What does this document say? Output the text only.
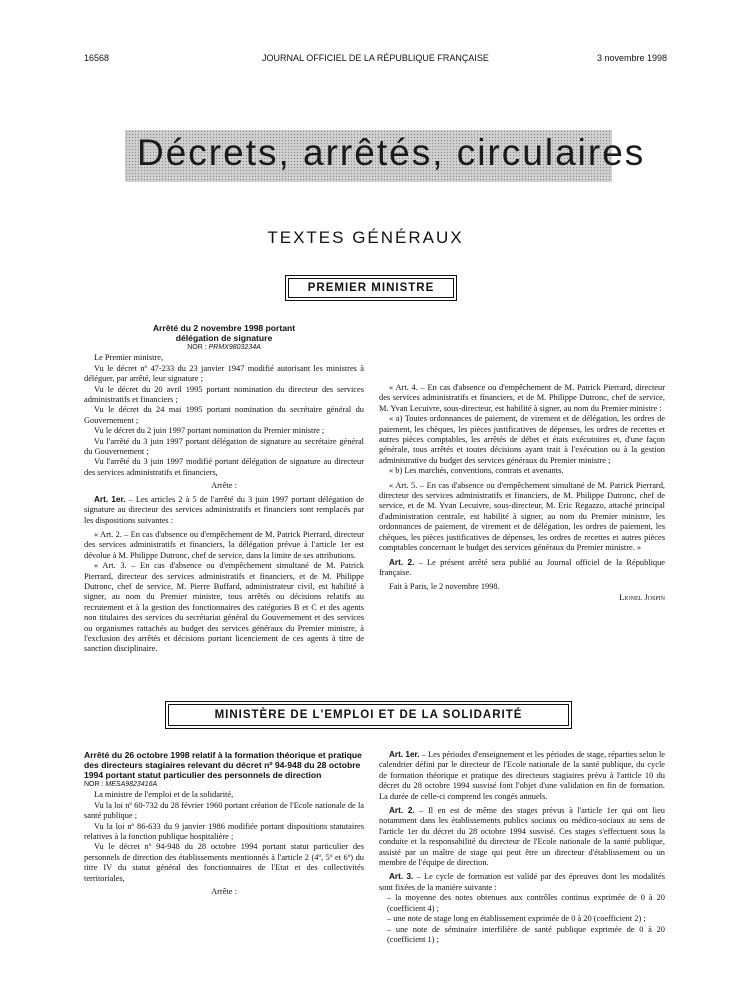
16568	JOURNAL OFFICIEL DE LA RÉPUBLIQUE FRANÇAISE	3 novembre 1998
Décrets, arrêtés, circulaires
TEXTES GÉNÉRAUX
PREMIER MINISTRE

Arrêté du 2 novembre 1998 portant délégation de signature

NOR : PRMX9803234A

Le Premier ministre,

Vu le décret nº 47-233 du 23 janvier 1947 modifié autorisant les ministres à déléguer, par arrêté, leur signature ;

Vu le décret du 20 avril 1995 portant nomination du directeur des services administratifs et financiers ;

Vu le décret du 24 mai 1995 portant nomination du secrétaire général du Gouvernement ;

Vu le décret du 2 juin 1997 portant nomination du Premier ministre ;

Vu l'arrêté du 3 juin 1997 portant délégation de signature au secrétaire général du Gouvernement ;

Vu l'arrêté du 3 juin 1997 modifié portant délégation de signature au directeur des services administratifs et financiers,

Arrête :

Art. 1er. – Les articles 2 à 5 de l'arrêté du 3 juin 1997 portant délégation de signature au directeur des services administratifs et financiers sont remplacés par les dispositions suivantes :

« Art. 2. – En cas d'absence ou d'empêchement de M. Patrick Pierrard, directeur des services administratifs et financiers, la délégation prévue à l'article 1er est dévolue à M. Philippe Dutronc, chef de service, dans la limite de ses attributions.

« Art. 3. – En cas d'absence ou d'empêchement simultané de M. Patrick Pierrard, directeur des services administratifs et financiers, et de M. Philippe Dutronc, chef de service, M. Pierre Buffard, administrateur civil, est habilité à signer, au nom du Premier ministre, tous arrêtés ou décisions relatifs au recrutement et à la gestion des fonctionnaires des catégories B et C et des agents non titulaires des services du secrétariat général du Gouvernement et des services ou organismes rattachés au budget des services généraux du Premier ministre, à l'exclusion des arrêtés et décisions portant licenciement de ces agents à titre de sanction disciplinaire.

« Art. 4. – En cas d'absence ou d'empêchement de M. Patrick Pierrard, directeur des services administratifs et financiers, et de M. Philippe Dutronc, chef de service, M. Yvan Lecuivre, sous-directeur, est habilité à signer, au nom du Premier ministre :

« a) Toutes ordonnances de paiement, de virement et de délégation, les ordres de paiement, les chèques, les pièces justificatives de dépenses, les ordres de recettes et autres pièces comptables, les arrêtés de débet et états exécutoires et, d'une façon générale, tous arrêtés et toutes décisions ayant trait à l'exécution ou à la gestion administrative du budget des services généraux du Premier ministre ;

« b) Les marchés, conventions, contrats et avenants.

« Art. 5. – En cas d'absence ou d'empêchement simultané de M. Patrick Pierrard, directeur des services administratifs et financiers, de M. Philippe Dutronc, chef de service, et de M. Yvan Lecuivre, sous-directeur, M. Eric Regazzo, attaché principal d'administration centrale, est habilité à signer, au nom du Premier ministre, les ordonnances de paiement, de virement et de délégation, les ordres de paiement, les chèques, les pièces justificatives de dépenses, les ordres de recettes et autres pièces comptables concernant le budget des services généraux du Premier ministre. »

Art. 2. – Le présent arrêté sera publié au Journal officiel de la République française.

Fait à Paris, le 2 novembre 1998.

Lionel Jospin

MINISTÈRE DE L'EMPLOI ET DE LA SOLIDARITÉ

Arrêté du 26 octobre 1998 relatif à la formation théorique et pratique des directeurs stagiaires relevant du décret nº 94-948 du 28 octobre 1994 portant statut particulier des personnels de direction

NOR : MESA9823416A

La ministre de l'emploi et de la solidarité,

Vu la loi nº 60-732 du 28 février 1960 portant création de l'Ecole nationale de la santé publique ;

Vu la loi nº 86-633 du 9 janvier 1986 modifiée portant dispositions statutaires relatives à la fonction publique hospitalière ;

Vu le décret nº 94-948 du 28 octobre 1994 portant statut particulier des personnels de direction des établissements mentionnés à l'article 2 (4º, 5º et 6º) du titre IV du statut général des fonctionnaires de l'Etat et des collectivités territoriales,

Arrête :

Art. 1er. – Les périodes d'enseignement et les périodes de stage, réparties selon le calendrier défini par le directeur de l'Ecole nationale de la santé publique, du cycle de formation théorique et pratique des directeurs stagiaires prévu à l'article 10 du décret du 28 octobre 1994 susvisé font l'objet d'une validation en fin de formation. La durée de celle-ci comprend les congés annuels.

Art. 2. – Il en est de même des stages prévus à l'article 1er qui ont lieu notamment dans les établissements publics sociaux ou médico-sociaux au sens de l'article 1er du décret du 28 octobre 1994 susvisé. Ces stages s'effectuent sous la conduite et la responsabilité du directeur de l'Ecole nationale de la santé publique, assisté par un maître de stage qui peut être un directeur d'établissement ou un membre de l'équipe de direction.

Art. 3. – Le cycle de formation est validé par des épreuves dont les modalités sont fixées de la manière suivante :

– la moyenne des notes obtenues aux contrôles continus exprimée de 0 à 20 (coefficient 4) ;

– une note de stage long en établissement exprimée de 0 à 20 (coefficient 2) ;

– une note de séminaire interfilière de santé publique exprimée de 0 à 20 (coefficient 1) ;
